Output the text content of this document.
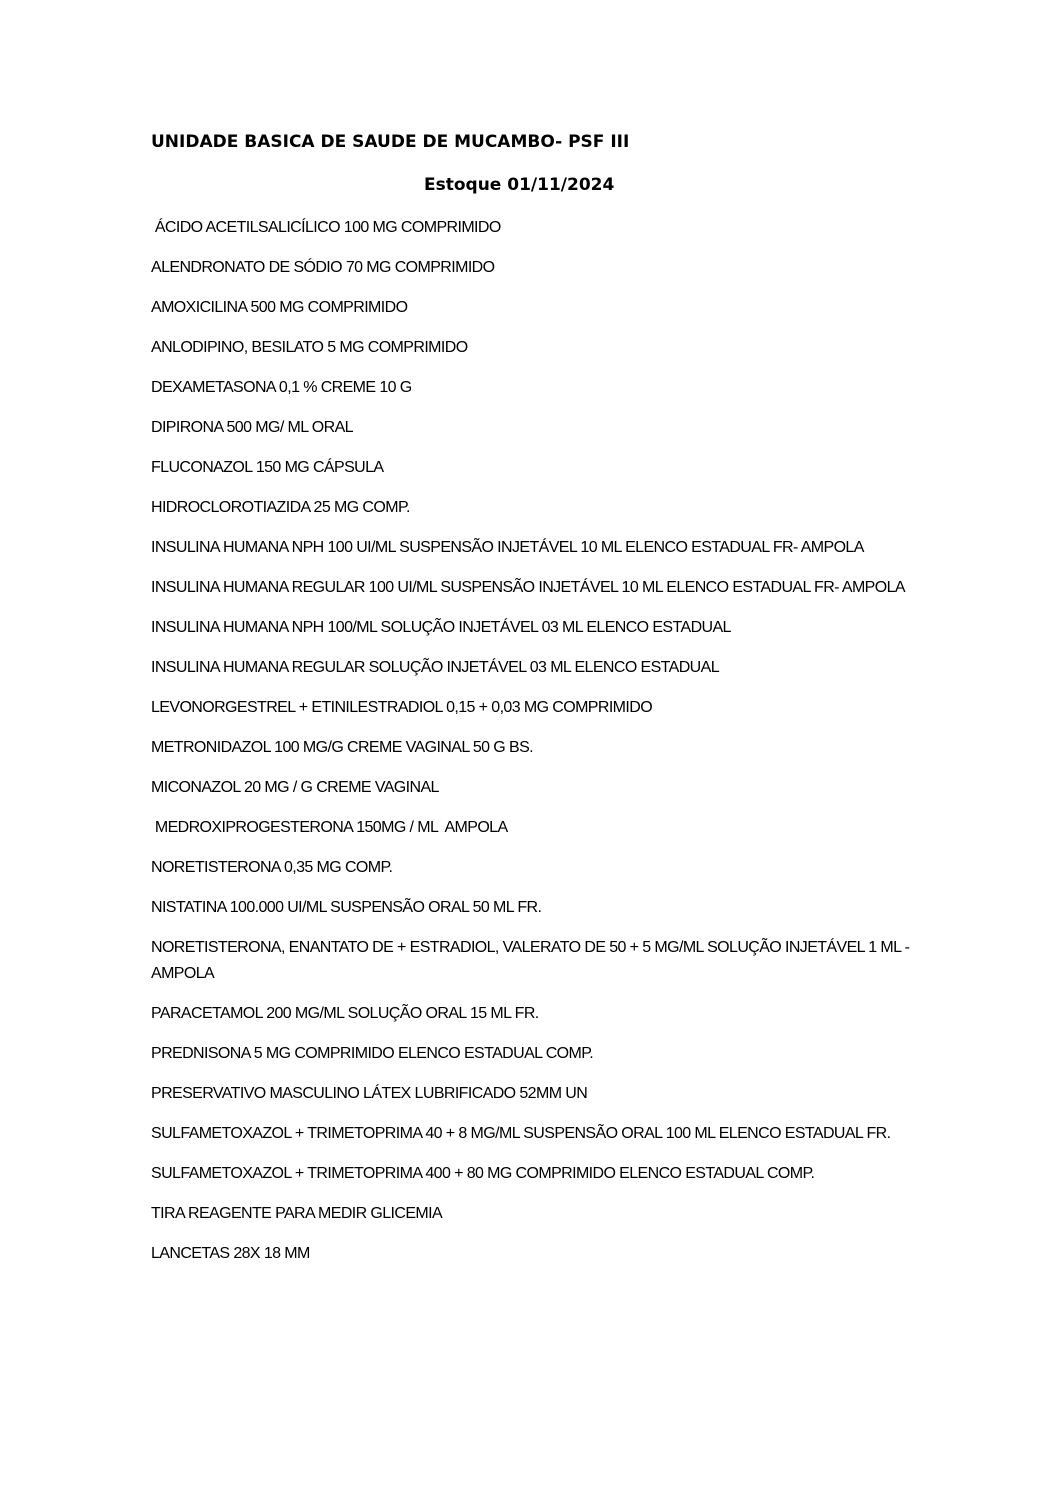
UNIDADE BASICA DE SAUDE DE MUCAMBO- PSF III
Estoque 01/11/2024
ÁCIDO ACETILSALICÍLICO 100 MG COMPRIMIDO
ALENDRONATO DE SÓDIO 70 MG COMPRIMIDO
AMOXICILINA 500 MG COMPRIMIDO
ANLODIPINO, BESILATO 5 MG COMPRIMIDO
DEXAMETASONA 0,1 % CREME 10 G
DIPIRONA 500 MG/ ML ORAL
FLUCONAZOL 150 MG CÁPSULA
HIDROCLOROTIAZIDA 25 MG COMP.
INSULINA HUMANA NPH 100 UI/ML SUSPENSÃO INJETÁVEL 10 ML ELENCO ESTADUAL FR- AMPOLA
INSULINA HUMANA REGULAR 100 UI/ML SUSPENSÃO INJETÁVEL 10 ML ELENCO ESTADUAL FR- AMPOLA
INSULINA HUMANA NPH 100/ML SOLUÇÃO INJETÁVEL 03 ML ELENCO ESTADUAL
INSULINA HUMANA REGULAR SOLUÇÃO INJETÁVEL 03 ML ELENCO ESTADUAL
LEVONORGESTREL + ETINILESTRADIOL 0,15 + 0,03 MG COMPRIMIDO
METRONIDAZOL 100 MG/G CREME VAGINAL 50 G BS.
MICONAZOL 20 MG / G CREME VAGINAL
MEDROXIPROGESTERONA 150MG / ML  AMPOLA
NORETISTERONA 0,35 MG COMP.
NISTATINA 100.000 UI/ML SUSPENSÃO ORAL 50 ML FR.
NORETISTERONA, ENANTATO DE + ESTRADIOL, VALERATO DE 50 + 5 MG/ML SOLUÇÃO INJETÁVEL 1 ML -AMPOLA
PARACETAMOL 200 MG/ML SOLUÇÃO ORAL 15 ML FR.
PREDNISONA 5 MG COMPRIMIDO ELENCO ESTADUAL COMP.
PRESERVATIVO MASCULINO LÁTEX LUBRIFICADO 52MM UN
SULFAMETOXAZOL + TRIMETOPRIMA 40 + 8 MG/ML SUSPENSÃO ORAL 100 ML ELENCO ESTADUAL FR.
SULFAMETOXAZOL + TRIMETOPRIMA 400 + 80 MG COMPRIMIDO ELENCO ESTADUAL COMP.
TIRA REAGENTE PARA MEDIR GLICEMIA
LANCETAS 28X 18 MM
